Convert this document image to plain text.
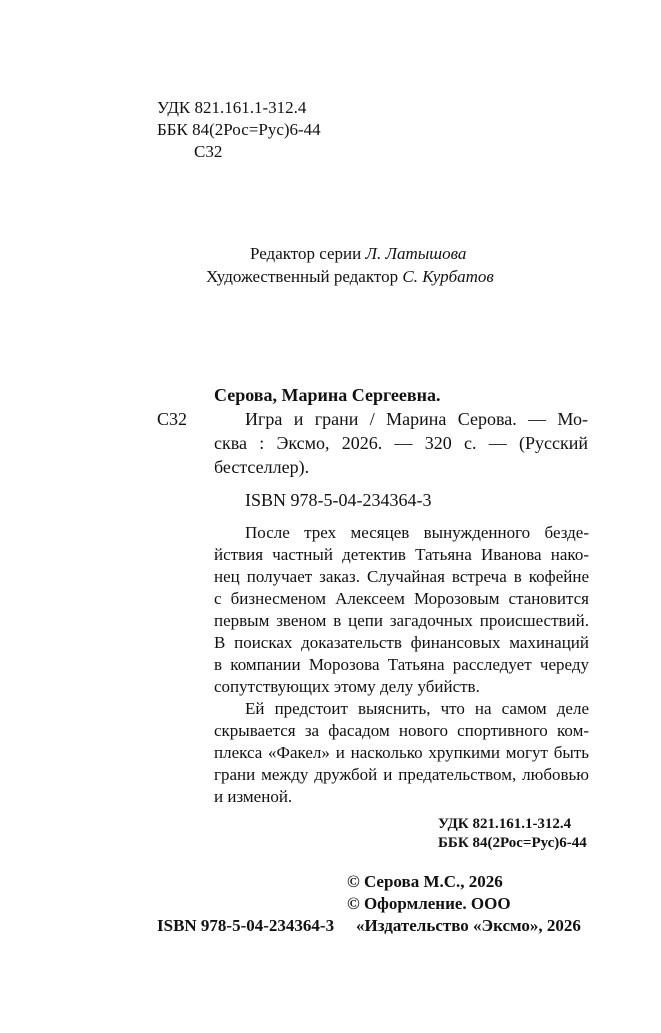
УДК 821.161.1-312.4
ББК 84(2Рос=Рус)6-44
С32
Редактор серии Л. Латышова
Художественный редактор С. Курбатов
Серова, Марина Сергеевна.
С32	Игра и грани / Марина Серова. — Мо-
сква : Эксмо, 2026. — 320 с. — (Русский
бестселлер).
ISBN 978-5-04-234364-3
После трех месяцев вынужденного безде-
йствия частный детектив Татьяна Иванова нако-
нец получает заказ. Случайная встреча в кофейне
с бизнесменом Алексеем Морозовым становится
первым звеном в цепи загадочных происшествий.
В поисках доказательств финансовых махинаций
в компании Морозова Татьяна расследует череду
сопутствующих этому делу убийств.
Ей предстоит выяснить, что на самом деле
скрывается за фасадом нового спортивного ком-
плекса «Факел» и насколько хрупкими могут быть
грани между дружбой и предательством, любовью
и изменой.
УДК 821.161.1-312.4
ББК 84(2Рос=Рус)6-44
© Серова М.С., 2026
© Оформление. ООО
ISBN 978-5-04-234364-3 «Издательство «Эксмо», 2026
